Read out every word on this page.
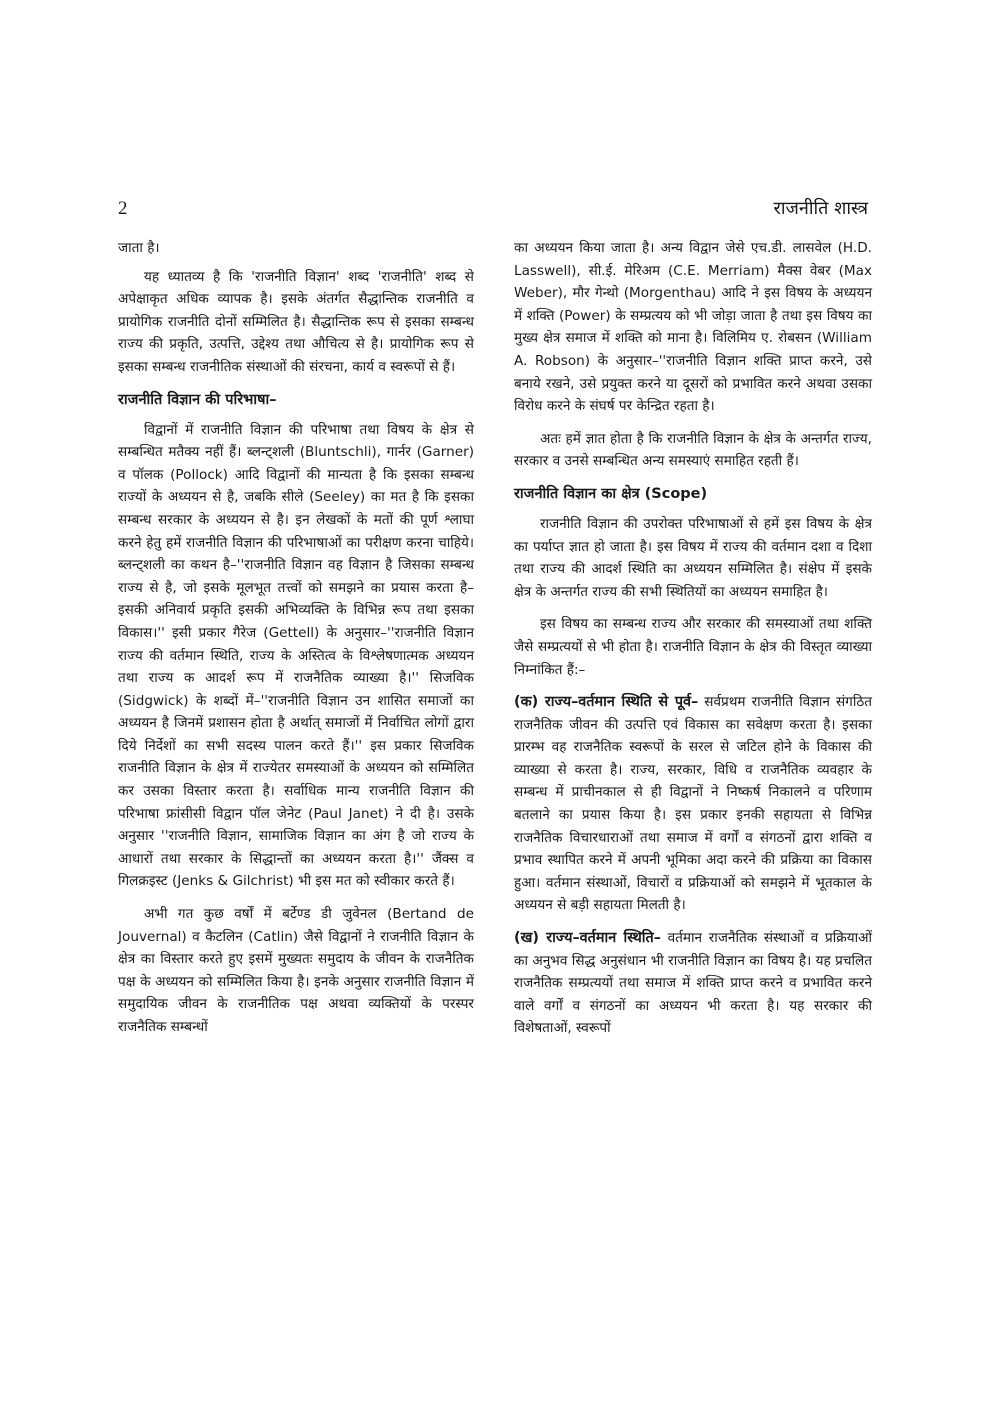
2	राजनीति शास्त्र

जाता है।

यह ध्यातव्य है कि 'राजनीति विज्ञान' शब्द 'राजनीति' शब्द से अपेक्षाकृत अधिक व्यापक है। इसके अंतर्गत सैद्धान्तिक राजनीति व प्रायोगिक राजनीति दोनों सम्मिलित है। सैद्धान्तिक रूप से इसका सम्बन्ध राज्य की प्रकृति, उत्पत्ति, उद्देश्य तथा औचित्य से है। प्रायोगिक रूप से इसका सम्बन्ध राजनीतिक संस्थाओं की संरचना, कार्य व स्वरूपों से हैं।

राजनीति विज्ञान की परिभाषा–

विद्वानों में राजनीति विज्ञान की परिभाषा तथा विषय के क्षेत्र से सम्बन्धित मतैक्य नहीं हैं। ब्लन्ट्शली (Bluntschli), गार्नर (Garner) व पॉलक (Pollock) आदि विद्वानों की मान्यता है कि इसका सम्बन्ध राज्यों के अध्ययन से है, जबकि सीले (Seeley) का मत है कि इसका सम्बन्ध सरकार के अध्ययन से है। इन लेखकों के मतों की पूर्ण श्लाघा करने हेतु हमें राजनीति विज्ञान की परिभाषाओं का परीक्षण करना चाहिये। ब्लन्ट्शली का कथन है–''राजनीति विज्ञान वह विज्ञान है जिसका सम्बन्ध राज्य से है, जो इसके मूलभूत तत्त्वों को समझने का प्रयास करता है–इसकी अनिवार्य प्रकृति इसकी अभिव्यक्ति के विभिन्न रूप तथा इसका विकास।'' इसी प्रकार गैरेज (Gettell) के अनुसार–''राजनीति विज्ञान राज्य की वर्तमान स्थिति, राज्य के अस्तित्व के विश्लेषणात्मक अध्ययन तथा राज्य क आदर्श रूप में राजनैतिक व्याख्या है।'' सिजविक (Sidgwick) के शब्दों में–''राजनीति विज्ञान उन शासित समाजों का अध्ययन है जिनमें प्रशासन होता है अर्थात् समाजों में निर्वाचित लोगों द्वारा दिये निर्देशों का सभी सदस्य पालन करते हैं।'' इस प्रकार सिजविक राजनीति विज्ञान के क्षेत्र में राज्येतर समस्याओं के अध्ययन को सम्मिलित कर उसका विस्तार करता है। सर्वाधिक मान्य राजनीति विज्ञान की परिभाषा फ्रांसीसी विद्वान पॉल जेनेट (Paul Janet) ने दी है। उसके अनुसार ''राजनीति विज्ञान, सामाजिक विज्ञान का अंग है जो राज्य के आधारों तथा सरकार के सिद्धान्तों का अध्ययन करता है।'' जैंक्स व गिलक्रइस्ट (Jenks & Gilchrist) भी इस मत को स्वीकार करते हैं।

अभी गत कुछ वर्षों में बर्टेण्ड डी जुवेनल (Bertand de Jouvernal) व कैटलिन (Catlin) जैसे विद्वानों ने राजनीति विज्ञान के क्षेत्र का विस्तार करते हुए इसमें मुख्यतः समुदाय के जीवन के राजनैतिक पक्ष के अध्ययन को सम्मिलित किया है। इनके अनुसार राजनीति विज्ञान में समुदायिक जीवन के राजनीतिक पक्ष अथवा व्यक्तियों के परस्पर राजनैतिक सम्बन्धों

का अध्ययन किया जाता है। अन्य विद्वान जेसे एच.डी. लासवेल (H.D. Lasswell), सी.ई. मेरिअम (C.E. Merriam) मैक्स वेबर (Max Weber), मौर गेन्थो (Morgenthau) आदि ने इस विषय के अध्ययन में शक्ति (Power) के सम्प्रत्यय को भी जोड़ा जाता है तथा इस विषय का मुख्य क्षेत्र समाज में शक्ति को माना है। विलिमिय ए. रोबसन (William A. Robson) के अनुसार–''राजनीति विज्ञान शक्ति प्राप्त करने, उसे बनाये रखने, उसे प्रयुक्त करने या दूसरों को प्रभावित करने अथवा उसका विरोध करने के संघर्ष पर केन्द्रित रहता है।

अतः हमें ज्ञात होता है कि राजनीति विज्ञान के क्षेत्र के अन्तर्गत राज्य, सरकार व उनसे सम्बन्धित अन्य समस्याएं समाहित रहती हैं।

राजनीति विज्ञान का क्षेत्र (Scope)

राजनीति विज्ञान की उपरोक्त परिभाषाओं से हमें इस विषय के क्षेत्र का पर्याप्त ज्ञात हो जाता है। इस विषय में राज्य की वर्तमान दशा व दिशा तथा राज्य की आदर्श स्थिति का अध्ययन सम्मिलित है। संक्षेप में इसके क्षेत्र के अन्तर्गत राज्य की सभी स्थितियों का अध्ययन समाहित है।

इस विषय का सम्बन्ध राज्य और सरकार की समस्याओं तथा शक्ति जैसे सम्प्रत्ययों से भी होता है। राजनीति विज्ञान के क्षेत्र की विस्तृत व्याख्या निम्नांकित हैं:–

(क) राज्य–वर्तमान स्थिति से पूर्व– सर्वप्रथम राजनीति विज्ञान संगठित राजनैतिक जीवन की उत्पत्ति एवं विकास का सवेक्षण करता है। इसका प्रारम्भ वह राजनैतिक स्वरूपों के सरल से जटिल होने के विकास की व्याख्या से करता है। राज्य, सरकार, विधि व राजनैतिक व्यवहार के सम्बन्ध में प्राचीनकाल से ही विद्वानों ने निष्कर्ष निकालने व परिणाम बतलाने का प्रयास किया है। इस प्रकार इनकी सहायता से विभिन्न राजनैतिक विचारधाराओं तथा समाज में वर्गों व संगठनों द्वारा शक्ति व प्रभाव स्थापित करने में अपनी भूमिका अदा करने की प्रक्रिया का विकास हुआ। वर्तमान संस्थाओं, विचारों व प्रक्रियाओं को समझने में भूतकाल के अध्ययन से बड़ी सहायता मिलती है।

(ख) राज्य–वर्तमान स्थिति– वर्तमान राजनैतिक संस्थाओं व प्रक्रियाओं का अनुभव सिद्ध अनुसंधान भी राजनीति विज्ञान का विषय है। यह प्रचलित राजनैतिक सम्प्रत्ययों तथा समाज में शक्ति प्राप्त करने व प्रभावित करने वाले वर्गों व संगठनों का अध्ययन भी करता है। यह सरकार की विशेषताओं, स्वरूपों
